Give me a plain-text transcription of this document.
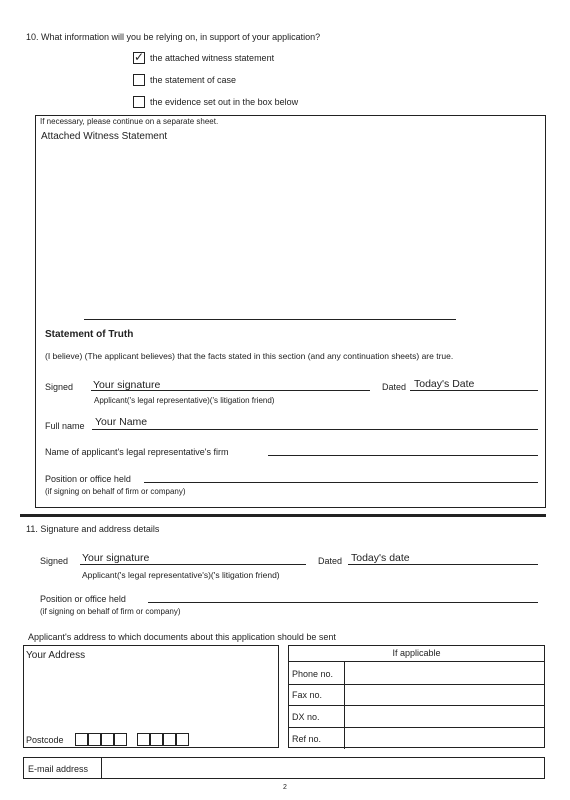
10. What information will you be relying on, in support of your application?
✓ the attached witness statement
the statement of case
the evidence set out in the box below
If necessary, please continue on a separate sheet.
Attached Witness Statement
Statement of Truth
(I believe) (The applicant believes) that the facts stated in this section (and any continuation sheets) are true.
Signed Your signature
Applicant('s legal representative)('s litigation friend)
Dated Today's Date
Full name Your Name
Name of applicant's legal representative's firm
Position or office held
(if signing on behalf of firm or company)
11. Signature and address details
Signed Your signature
Applicant('s legal representative's)('s litigation friend)
Dated Today's date
Position or office held
(if signing on behalf of firm or company)
Applicant's address to which documents about this application should be sent
Your Address
Postcode
If applicable
Phone no.
Fax no.
DX no.
Ref no.
E-mail address
2
